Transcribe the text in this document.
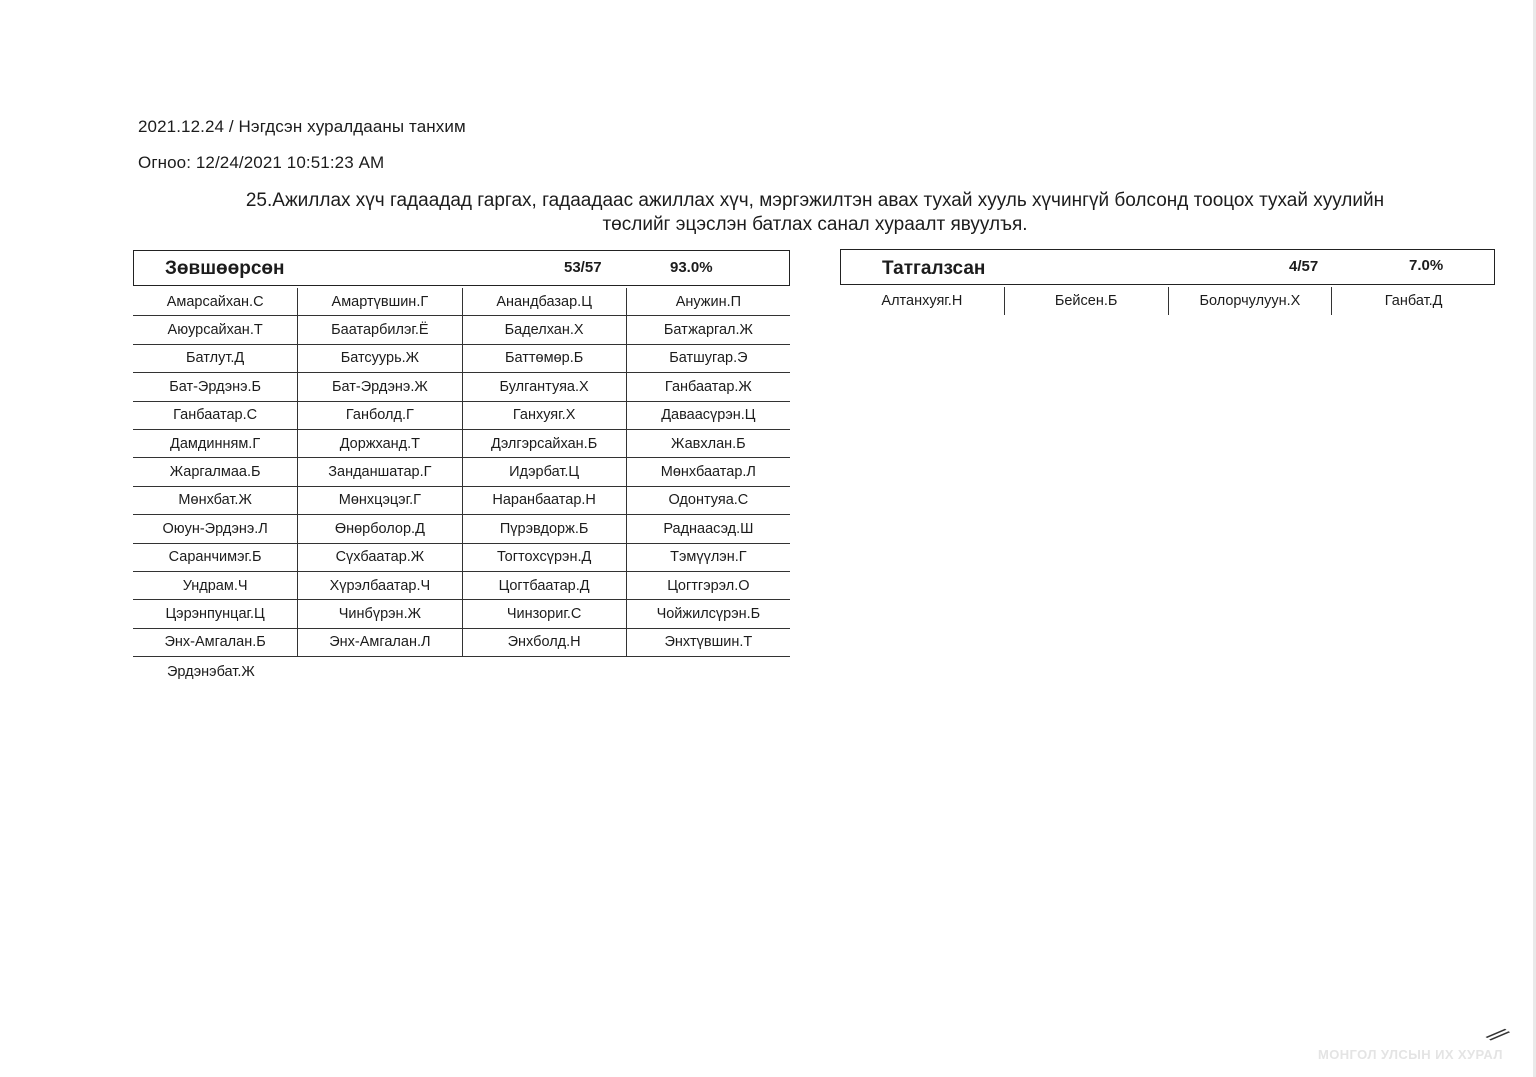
2021.12.24 / Нэгдсэн хуралдааны танхим
Огноо: 12/24/2021 10:51:23 AM
25.Ажиллах хүч гадаадад гаргах, гадаадаас ажиллах хүч, мэргэжилтэн авах тухай хууль хүчингүй болсонд тооцох тухай хуулийн
төслийг эцэслэн батлах санал хураалт явуулъя.
Зөвшөөрсөн	53/57	93.0%
Амарсайхан.С	Амартүвшин.Г	Анандбазар.Ц	Анужин.П
Аюурсайхан.Т	Баатарбилэг.Ё	Баделхан.Х	Батжаргал.Ж
Батлут.Д	Батсуурь.Ж	Баттөмөр.Б	Батшугар.Э
Бат-Эрдэнэ.Б	Бат-Эрдэнэ.Ж	Булгантуяа.Х	Ганбаатар.Ж
Ганбаатар.С	Ганболд.Г	Ганхуяг.Х	Даваасүрэн.Ц
Дамдинням.Г	Доржханд.Т	Дэлгэрсайхан.Б	Жавхлан.Б
Жаргалмаа.Б	Занданшатар.Г	Идэрбат.Ц	Мөнхбаатар.Л
Мөнхбат.Ж	Мөнхцэцэг.Г	Наранбаатар.Н	Одонтуяа.С
Оюун-Эрдэнэ.Л	Өнөрболор.Д	Пүрэвдорж.Б	Раднаасэд.Ш
Саранчимэг.Б	Сүхбаатар.Ж	Тогтохсүрэн.Д	Тэмүүлэн.Г
Ундрам.Ч	Хүрэлбаатар.Ч	Цогтбаатар.Д	Цогтгэрэл.О
Цэрэнпунцаг.Ц	Чинбүрэн.Ж	Чинзориг.С	Чойжилсүрэн.Б
Энх-Амгалан.Б	Энх-Амгалан.Л	Энхболд.Н	Энхтүвшин.Т
Эрдэнэбат.Ж
Татгалзсан	4/57	7.0%
Алтанхуяг.Н	Бейсен.Б	Болорчулуун.Х	Ганбат.Д
∕∕
МОНГОЛ УЛСЫН ИХ ХУРАЛ
